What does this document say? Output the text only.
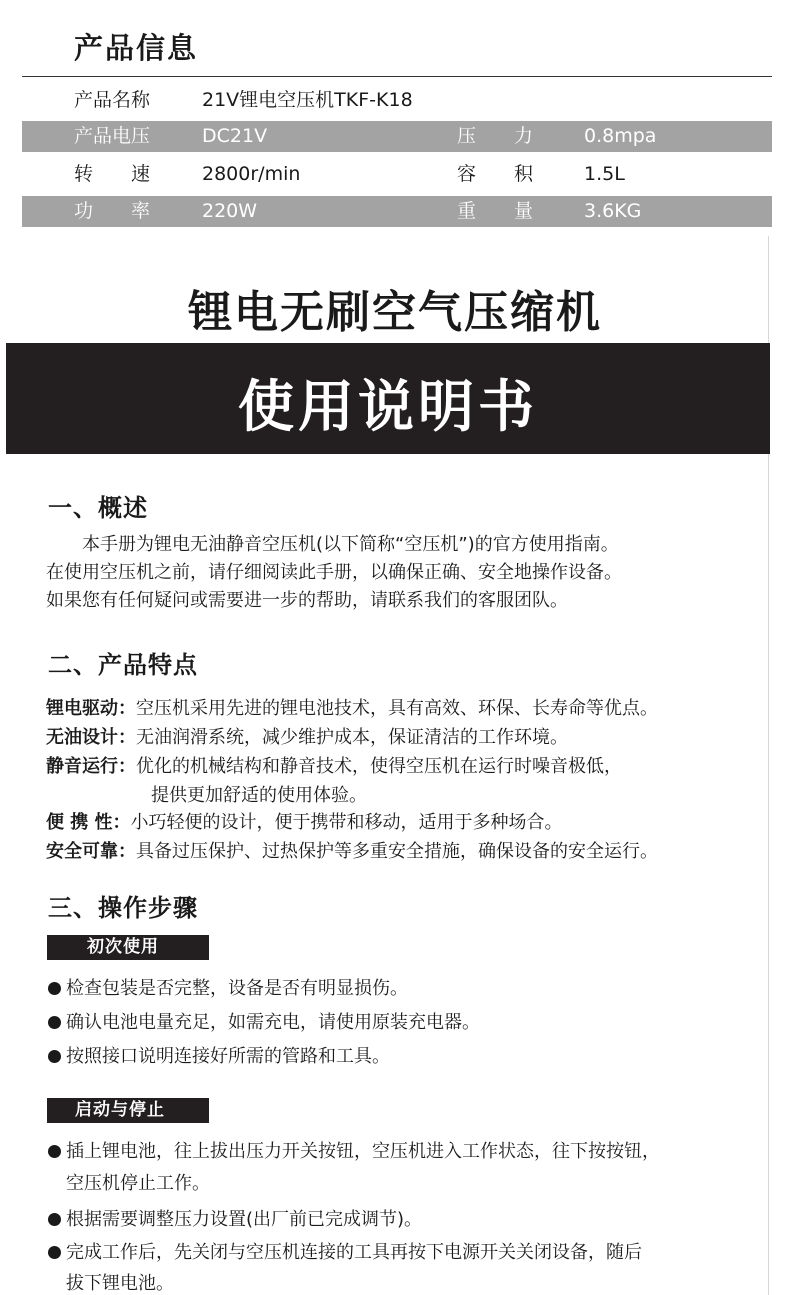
产品信息
产品名称	21V锂电空压机TKF-K18
产品电压	DC21V	压　　力	0.8mpa
转　　速	2800r/min	容　　积	1.5L
功　　率	220W	重　　量	3.6KG
锂电无刷空气压缩机
使用说明书
一、概述
　　本手册为锂电无油静音空压机(以下简称“空压机”)的官方使用指南。
在使用空压机之前，请仔细阅读此手册，以确保正确、安全地操作设备。
如果您有任何疑问或需要进一步的帮助，请联系我们的客服团队。
二、产品特点
锂电驱动：空压机采用先进的锂电池技术，具有高效、环保、长寿命等优点。
无油设计：无油润滑系统，减少维护成本，保证清洁的工作环境。
静音运行：优化的机械结构和静音技术，使得空压机在运行时噪音极低，
提供更加舒适的使用体验。
便 携 性：小巧轻便的设计，便于携带和移动，适用于多种场合。
安全可靠：具备过压保护、过热保护等多重安全措施，确保设备的安全运行。
三、操作步骤
初次使用
检查包装是否完整，设备是否有明显损伤。
确认电池电量充足，如需充电，请使用原装充电器。
按照接口说明连接好所需的管路和工具。
启动与停止
插上锂电池，往上拔出压力开关按钮，空压机进入工作状态，往下按按钮，
空压机停止工作。
根据需要调整压力设置(出厂前已完成调节)。
完成工作后，先关闭与空压机连接的工具再按下电源开关关闭设备，随后
拔下锂电池。
